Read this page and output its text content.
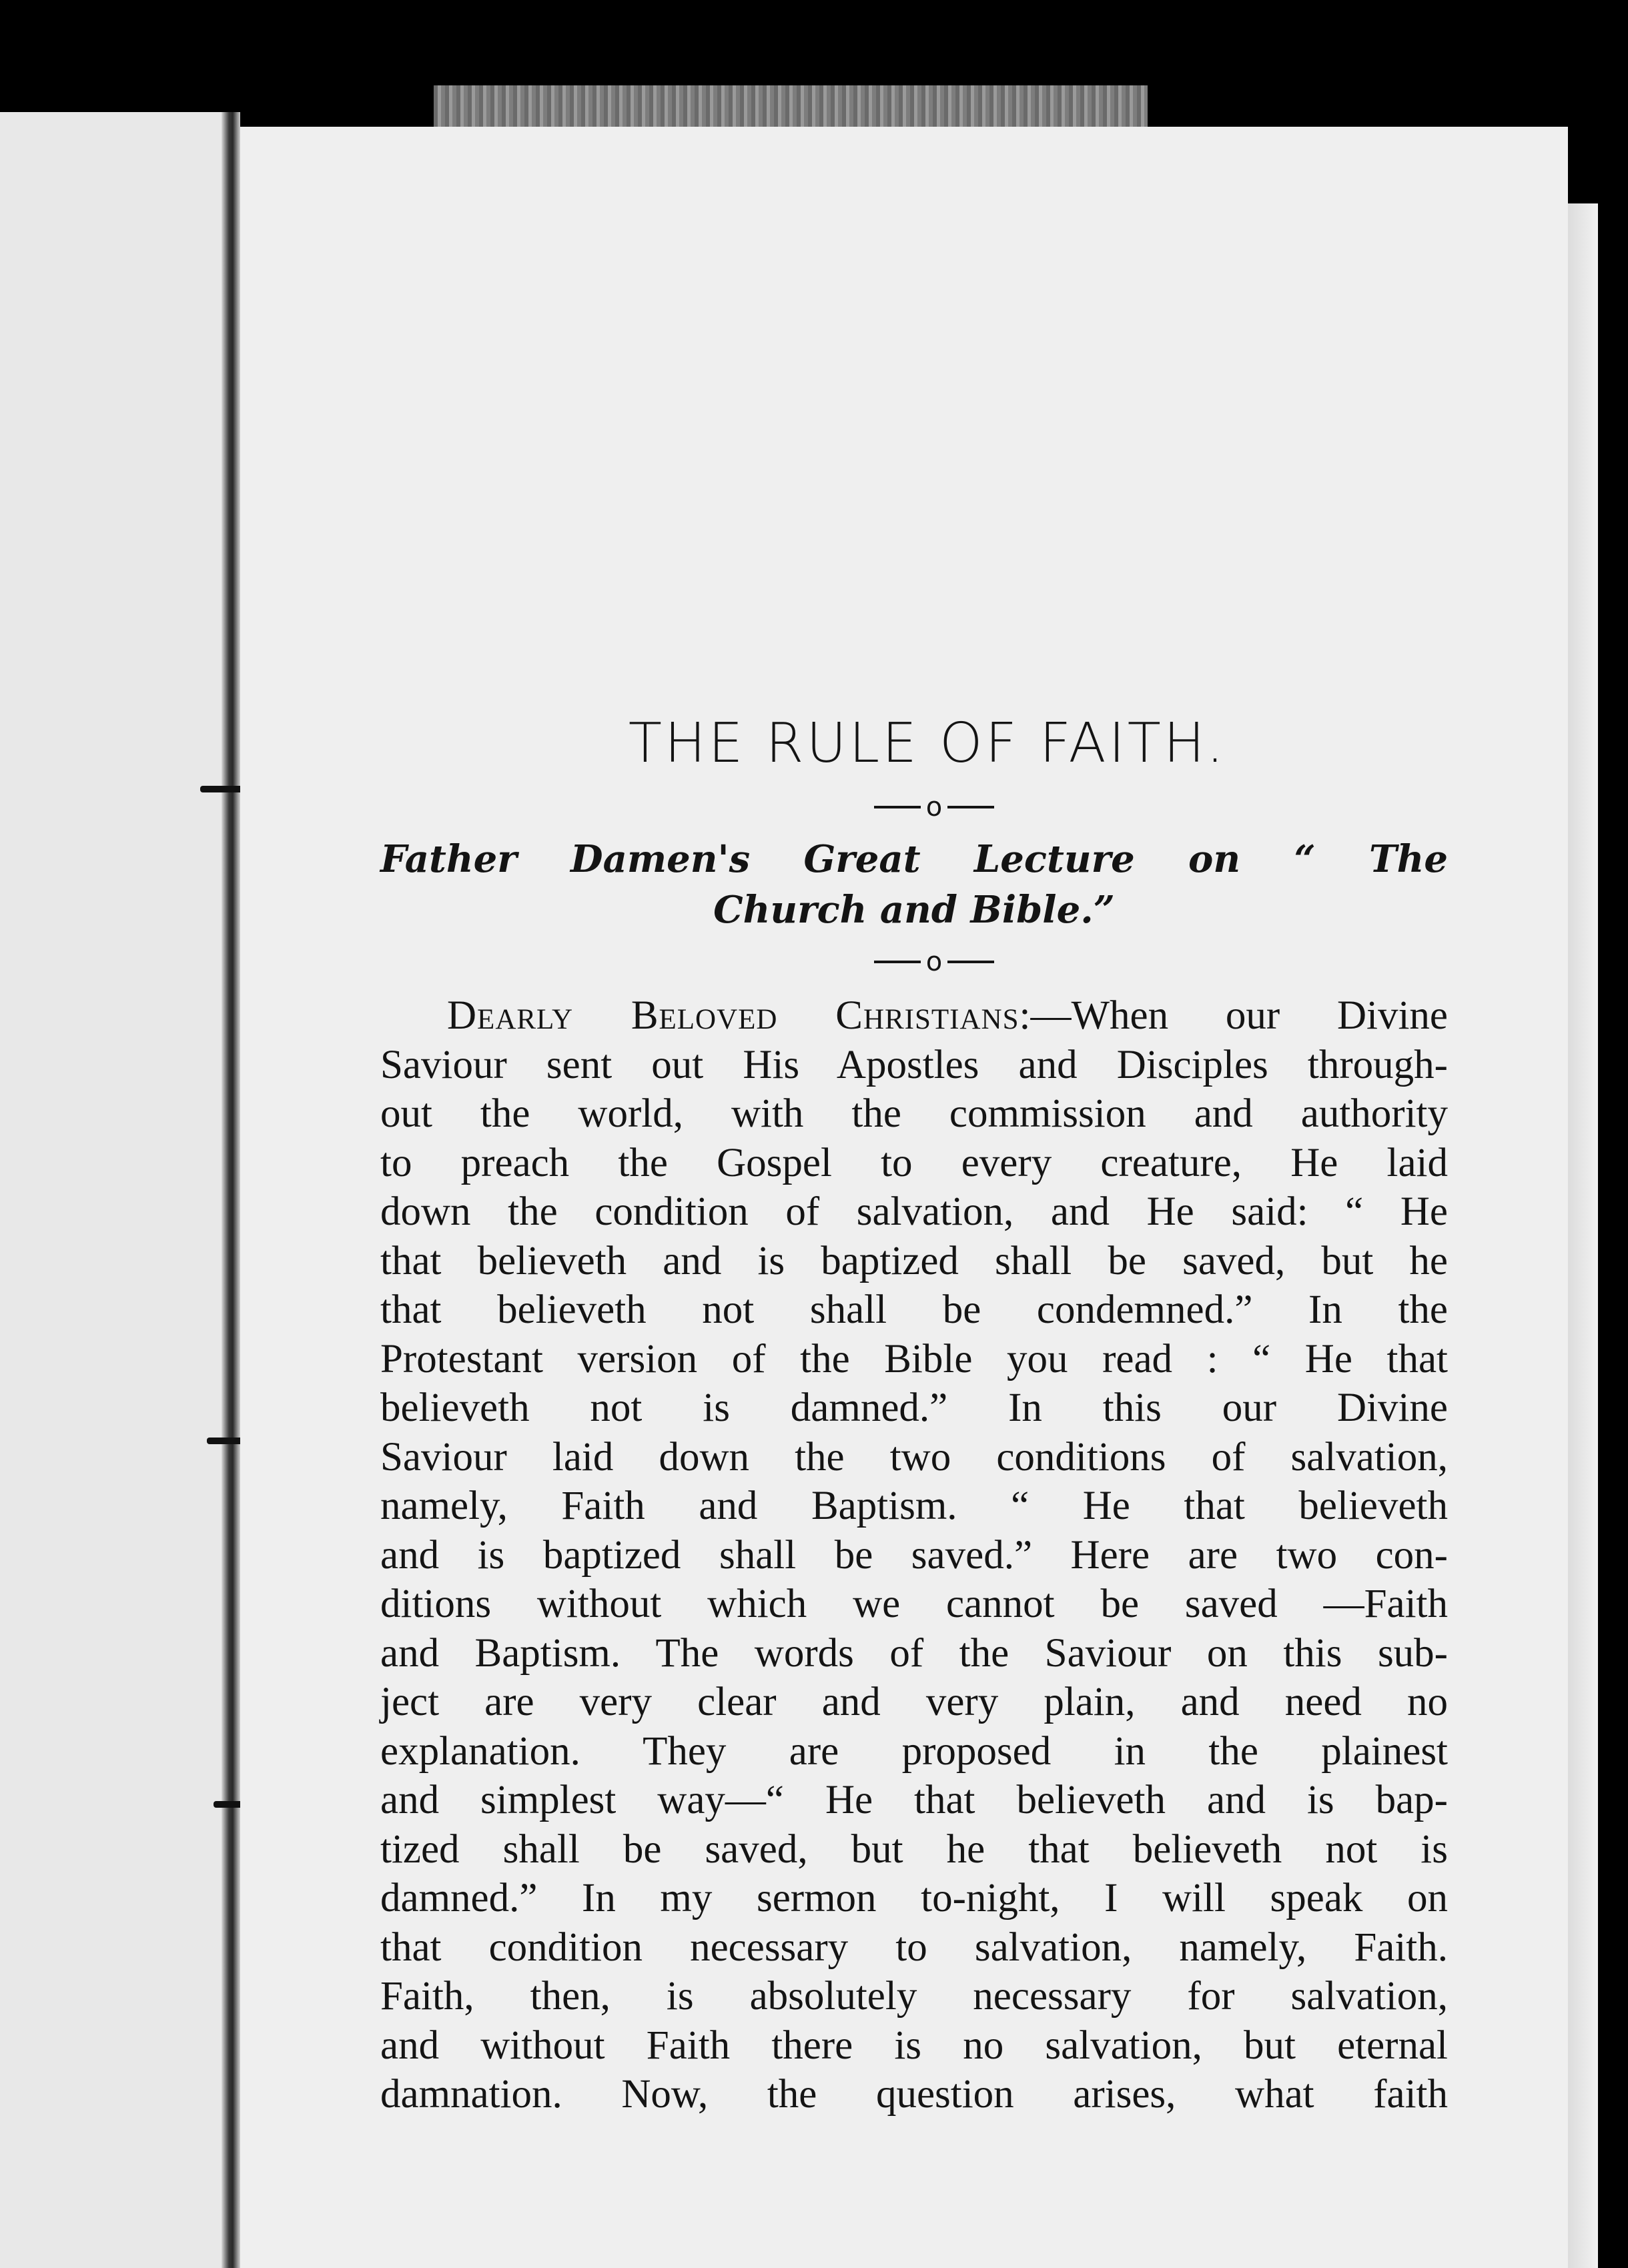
THE RULE OF FAITH.
o
Father Damen's Great Lecture on “ The
Church and Bible.”
o
Dearly Beloved Christians:—When our Divine
Saviour sent out His Apostles and Disciples through-
out the world, with the commission and authority
to preach the Gospel to every creature, He laid
down the condition of salvation, and He said: “ He
that believeth and is baptized shall be saved, but he
that believeth not shall be condemned.” In the
Protestant version of the Bible you read : “ He that
believeth not is damned.” In this our Divine
Saviour laid down the two conditions of salvation,
namely, Faith and Baptism. “ He that believeth
and is baptized shall be saved.” Here are two con-
ditions without which we cannot be saved —Faith
and Baptism. The words of the Saviour on this sub-
ject are very clear and very plain, and need no
explanation. They are proposed in the plainest
and simplest way—“ He that believeth and is bap-
tized shall be saved, but he that believeth not is
damned.” In my sermon to-night, I will speak on
that condition necessary to salvation, namely, Faith.
Faith, then, is absolutely necessary for salvation,
and without Faith there is no salvation, but eternal
damnation. Now, the question arises, what faith
